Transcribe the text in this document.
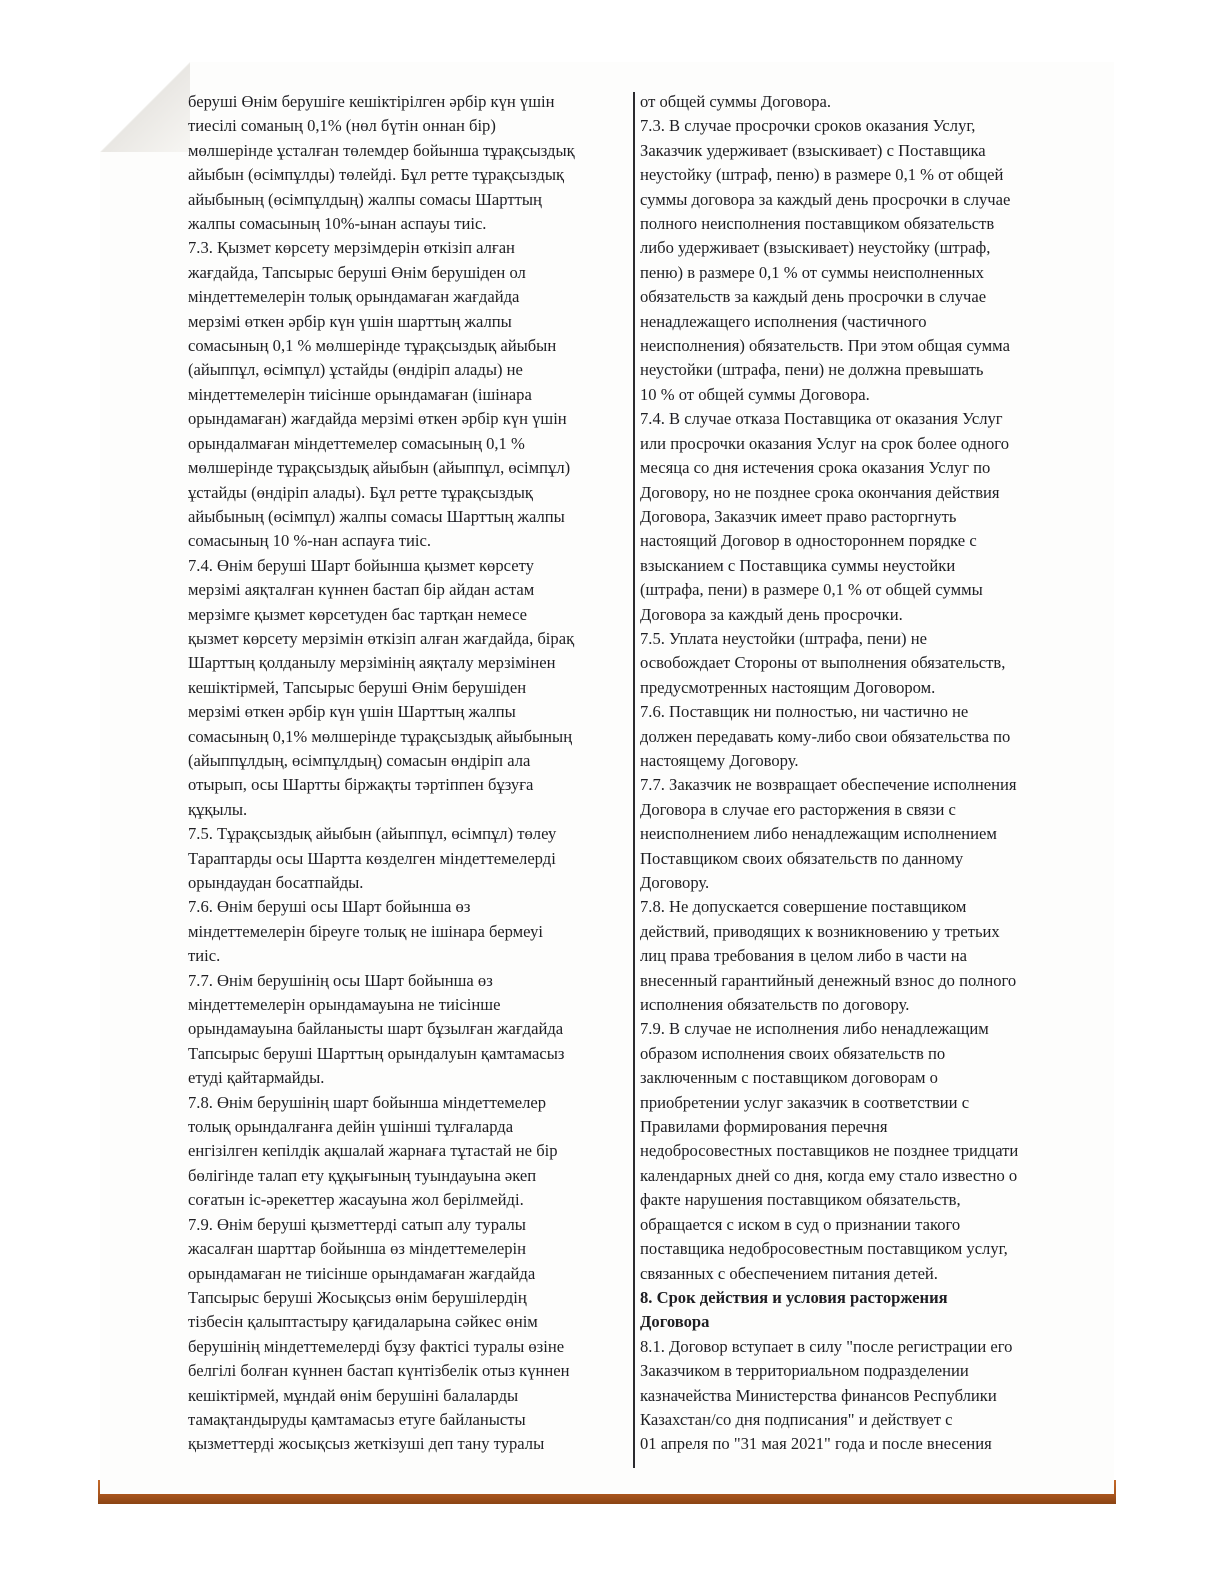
беруші Өнім берушіге кешіктірілген әрбір күн үшін
тиесілі соманың 0,1% (нөл бүтін оннан бір)
мөлшерінде ұсталған төлемдер бойынша тұрақсыздық
айыбын (өсімпұлды) төлейді. Бұл ретте тұрақсыздық
айыбының (өсімпұлдың) жалпы сомасы Шарттың
жалпы сомасының 10%-ынан аспауы тиіс.

7.3. Қызмет көрсету мерзімдерін өткізіп алған
жағдайда, Тапсырыс беруші Өнім берушіден ол
міндеттемелерін толық орындамаған жағдайда
мерзімі өткен әрбір күн үшін шарттың жалпы
сомасының 0,1 % мөлшерінде тұрақсыздық айыбын
(айыппұл, өсімпұл) ұстайды (өндіріп алады) не
міндеттемелерін тиісінше орындамаған (ішінара
орындамаған) жағдайда мерзімі өткен әрбір күн үшін
орындалмаған міндеттемелер сомасының 0,1 %
мөлшерінде тұрақсыздық айыбын (айыппұл, өсімпұл)
ұстайды (өндіріп алады). Бұл ретте тұрақсыздық
айыбының (өсімпұл) жалпы сомасы Шарттың жалпы
сомасының 10 %-нан аспауға тиіс.

7.4. Өнім беруші Шарт бойынша қызмет көрсету
мерзімі аяқталған күннен бастап бір айдан астам
мерзімге қызмет көрсетуден бас тартқан немесе
қызмет көрсету мерзімін өткізіп алған жағдайда, бірақ
Шарттың қолданылу мерзімінің аяқталу мерзімінен
кешіктірмей, Тапсырыс беруші Өнім берушіден
мерзімі өткен әрбір күн үшін Шарттың жалпы
сомасының 0,1% мөлшерінде тұрақсыздық айыбының
(айыппұлдың, өсімпұлдың) сомасын өндіріп ала
отырып, осы Шартты біржақты тәртіппен бұзуға
құқылы.

7.5. Тұрақсыздық айыбын (айыппұл, өсімпұл) төлеу
Тараптарды осы Шартта көзделген міндеттемелерді
орындаудан босатпайды.

7.6. Өнім беруші осы Шарт бойынша өз
міндеттемелерін біреуге толық не ішінара бермеуі
тиіс.

7.7. Өнім берушінің осы Шарт бойынша өз
міндеттемелерін орындамауына не тиісінше
орындамауына байланысты шарт бұзылған жағдайда
Тапсырыс беруші Шарттың орындалуын қамтамасыз
етуді қайтармайды.

7.8. Өнім берушінің шарт бойынша міндеттемелер
толық орындалғанға дейін үшінші тұлғаларда
енгізілген кепілдік ақшалай жарнаға тұтастай не бір
бөлігінде талап ету құқығының туындауына әкеп
соғатын іс-әрекеттер жасауына жол берілмейді.

7.9. Өнім беруші қызметтерді сатып алу туралы
жасалған шарттар бойынша өз міндеттемелерін
орындамаған не тиісінше орындамаған жағдайда
Тапсырыс беруші Жосықсыз өнім берушілердің
тізбесін қалыптастыру қағидаларына сәйкес өнім
берушінің міндеттемелерді бұзу фактісі туралы өзіне
белгілі болған күннен бастап күнтізбелік отыз күннен
кешіктірмей, мұндай өнім берушіні балаларды
тамақтандыруды қамтамасыз етуге байланысты
қызметтерді жосықсыз жеткізуші деп тану туралы

от общей суммы Договора.

7.3. В случае просрочки сроков оказания Услуг,
Заказчик удерживает (взыскивает) с Поставщика
неустойку (штраф, пеню) в размере 0,1 % от общей
суммы договора за каждый день просрочки в случае
полного неисполнения поставщиком обязательств
либо удерживает (взыскивает) неустойку (штраф,
пеню) в размере 0,1 % от суммы неисполненных
обязательств за каждый день просрочки в случае
ненадлежащего исполнения (частичного
неисполнения) обязательств. При этом общая сумма
неустойки (штрафа, пени) не должна превышать
10 % от общей суммы Договора.

7.4. В случае отказа Поставщика от оказания Услуг
или просрочки оказания Услуг на срок более одного
месяца со дня истечения срока оказания Услуг по
Договору, но не позднее срока окончания действия
Договора, Заказчик имеет право расторгнуть
настоящий Договор в одностороннем порядке с
взысканием с Поставщика суммы неустойки
(штрафа, пени) в размере 0,1 % от общей суммы
Договора за каждый день просрочки.

7.5. Уплата неустойки (штрафа, пени) не
освобождает Стороны от выполнения обязательств,
предусмотренных настоящим Договором.

7.6. Поставщик ни полностью, ни частично не
должен передавать кому-либо свои обязательства по
настоящему Договору.

7.7. Заказчик не возвращает обеспечение исполнения
Договора в случае его расторжения в связи с
неисполнением либо ненадлежащим исполнением
Поставщиком своих обязательств по данному
Договору.

7.8. Не допускается совершение поставщиком
действий, приводящих к возникновению у третьих
лиц права требования в целом либо в части на
внесенный гарантийный денежный взнос до полного
исполнения обязательств по договору.

7.9. В случае не исполнения либо ненадлежащим
образом исполнения своих обязательств по
заключенным с поставщиком договорам о
приобретении услуг заказчик в соответствии с
Правилами формирования перечня
недобросовестных поставщиков не позднее тридцати
календарных дней со дня, когда ему стало известно о
факте нарушения поставщиком обязательств,
обращается с иском в суд о признании такого
поставщика недобросовестным поставщиком услуг,
связанных с обеспечением питания детей.

8. Срок действия и условия расторжения
Договора

8.1. Договор вступает в силу "после регистрации его
Заказчиком в территориальном подразделении
казначейства Министерства финансов Республики
Казахстан/со дня подписания" и действует с
01 апреля по "31 мая 2021" года и после внесения
